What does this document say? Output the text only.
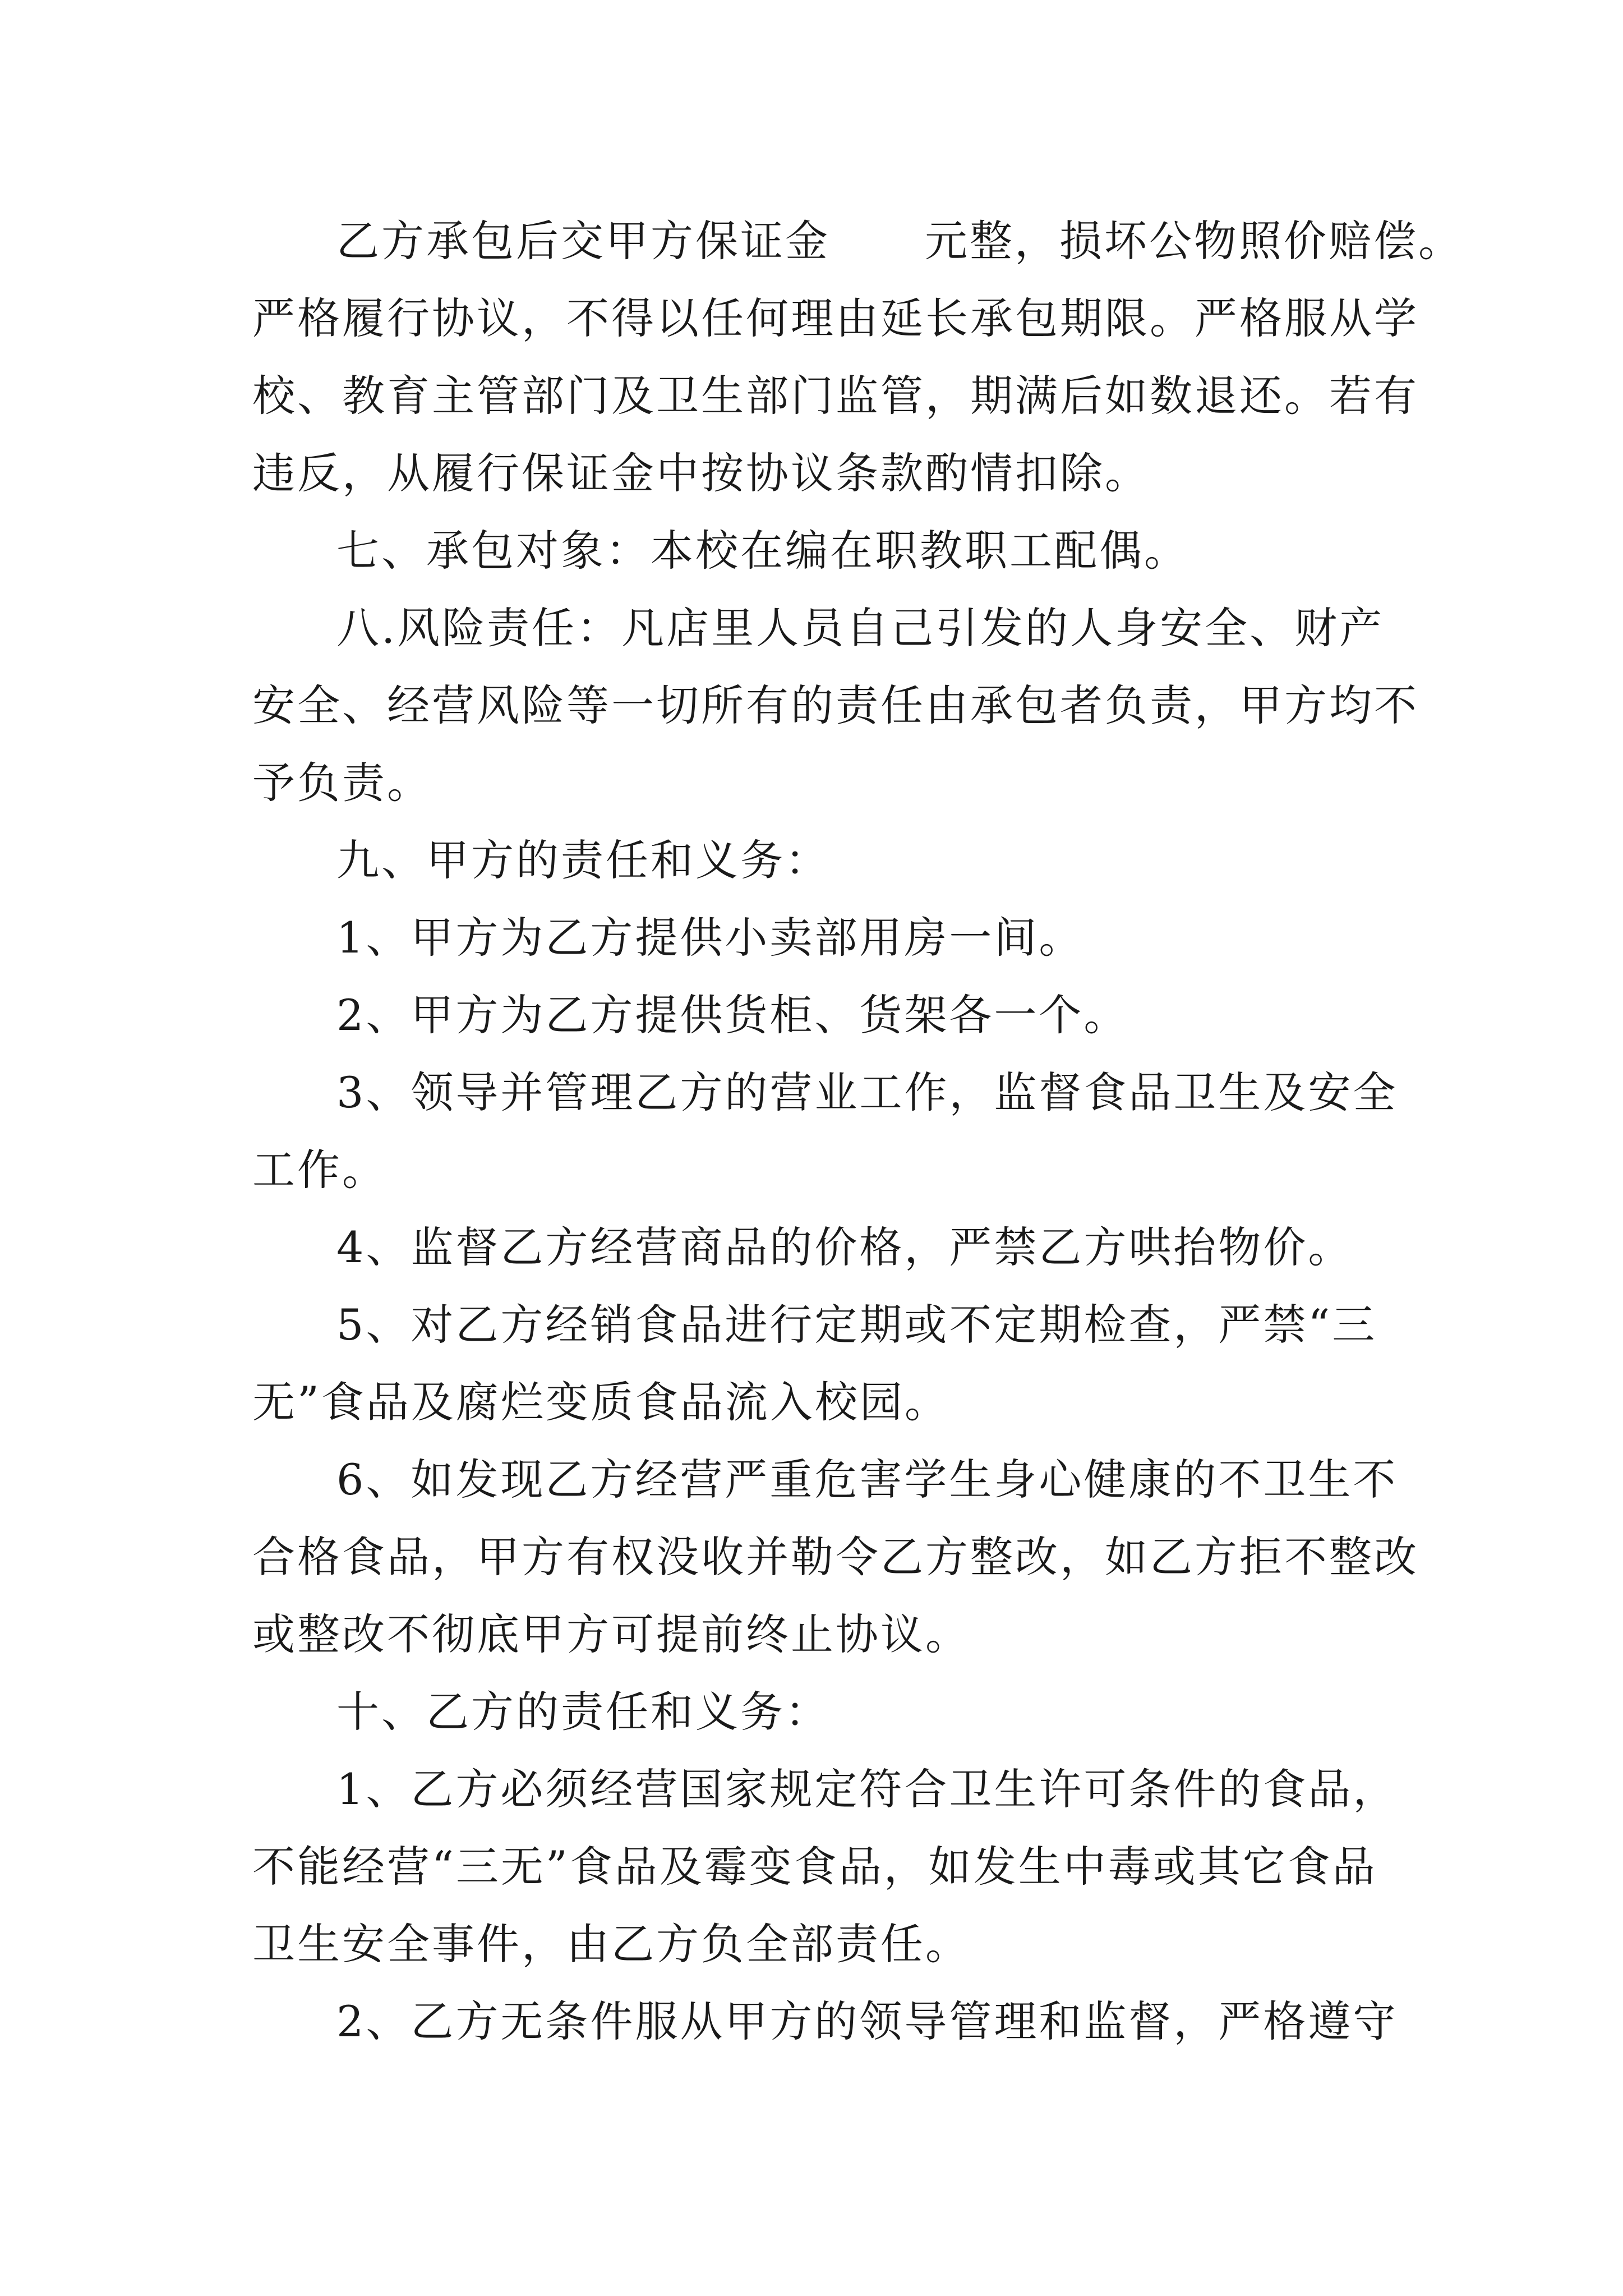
乙方承包后交甲方保证金      元整，损坏公物照价赔偿。
严格履行协议，不得以任何理由延长承包期限。严格服从学
校、教育主管部门及卫生部门监管，期满后如数退还。若有
违反，从履行保证金中按协议条款酌情扣除。
七、承包对象：本校在编在职教职工配偶。
八.风险责任：凡店里人员自己引发的人身安全、财产
安全、经营风险等一切所有的责任由承包者负责，甲方均不
予负责。
九、甲方的责任和义务：
1、甲方为乙方提供小卖部用房一间。
2、甲方为乙方提供货柜、货架各一个。
3、领导并管理乙方的营业工作，监督食品卫生及安全
工作。
4、监督乙方经营商品的价格，严禁乙方哄抬物价。
5、对乙方经销食品进行定期或不定期检查，严禁“三
无”食品及腐烂变质食品流入校园。
6、如发现乙方经营严重危害学生身心健康的不卫生不
合格食品，甲方有权没收并勒令乙方整改，如乙方拒不整改
或整改不彻底甲方可提前终止协议。
十、乙方的责任和义务：
1、乙方必须经营国家规定符合卫生许可条件的食品，
不能经营“三无”食品及霉变食品，如发生中毒或其它食品
卫生安全事件，由乙方负全部责任。
2、乙方无条件服从甲方的领导管理和监督，严格遵守
